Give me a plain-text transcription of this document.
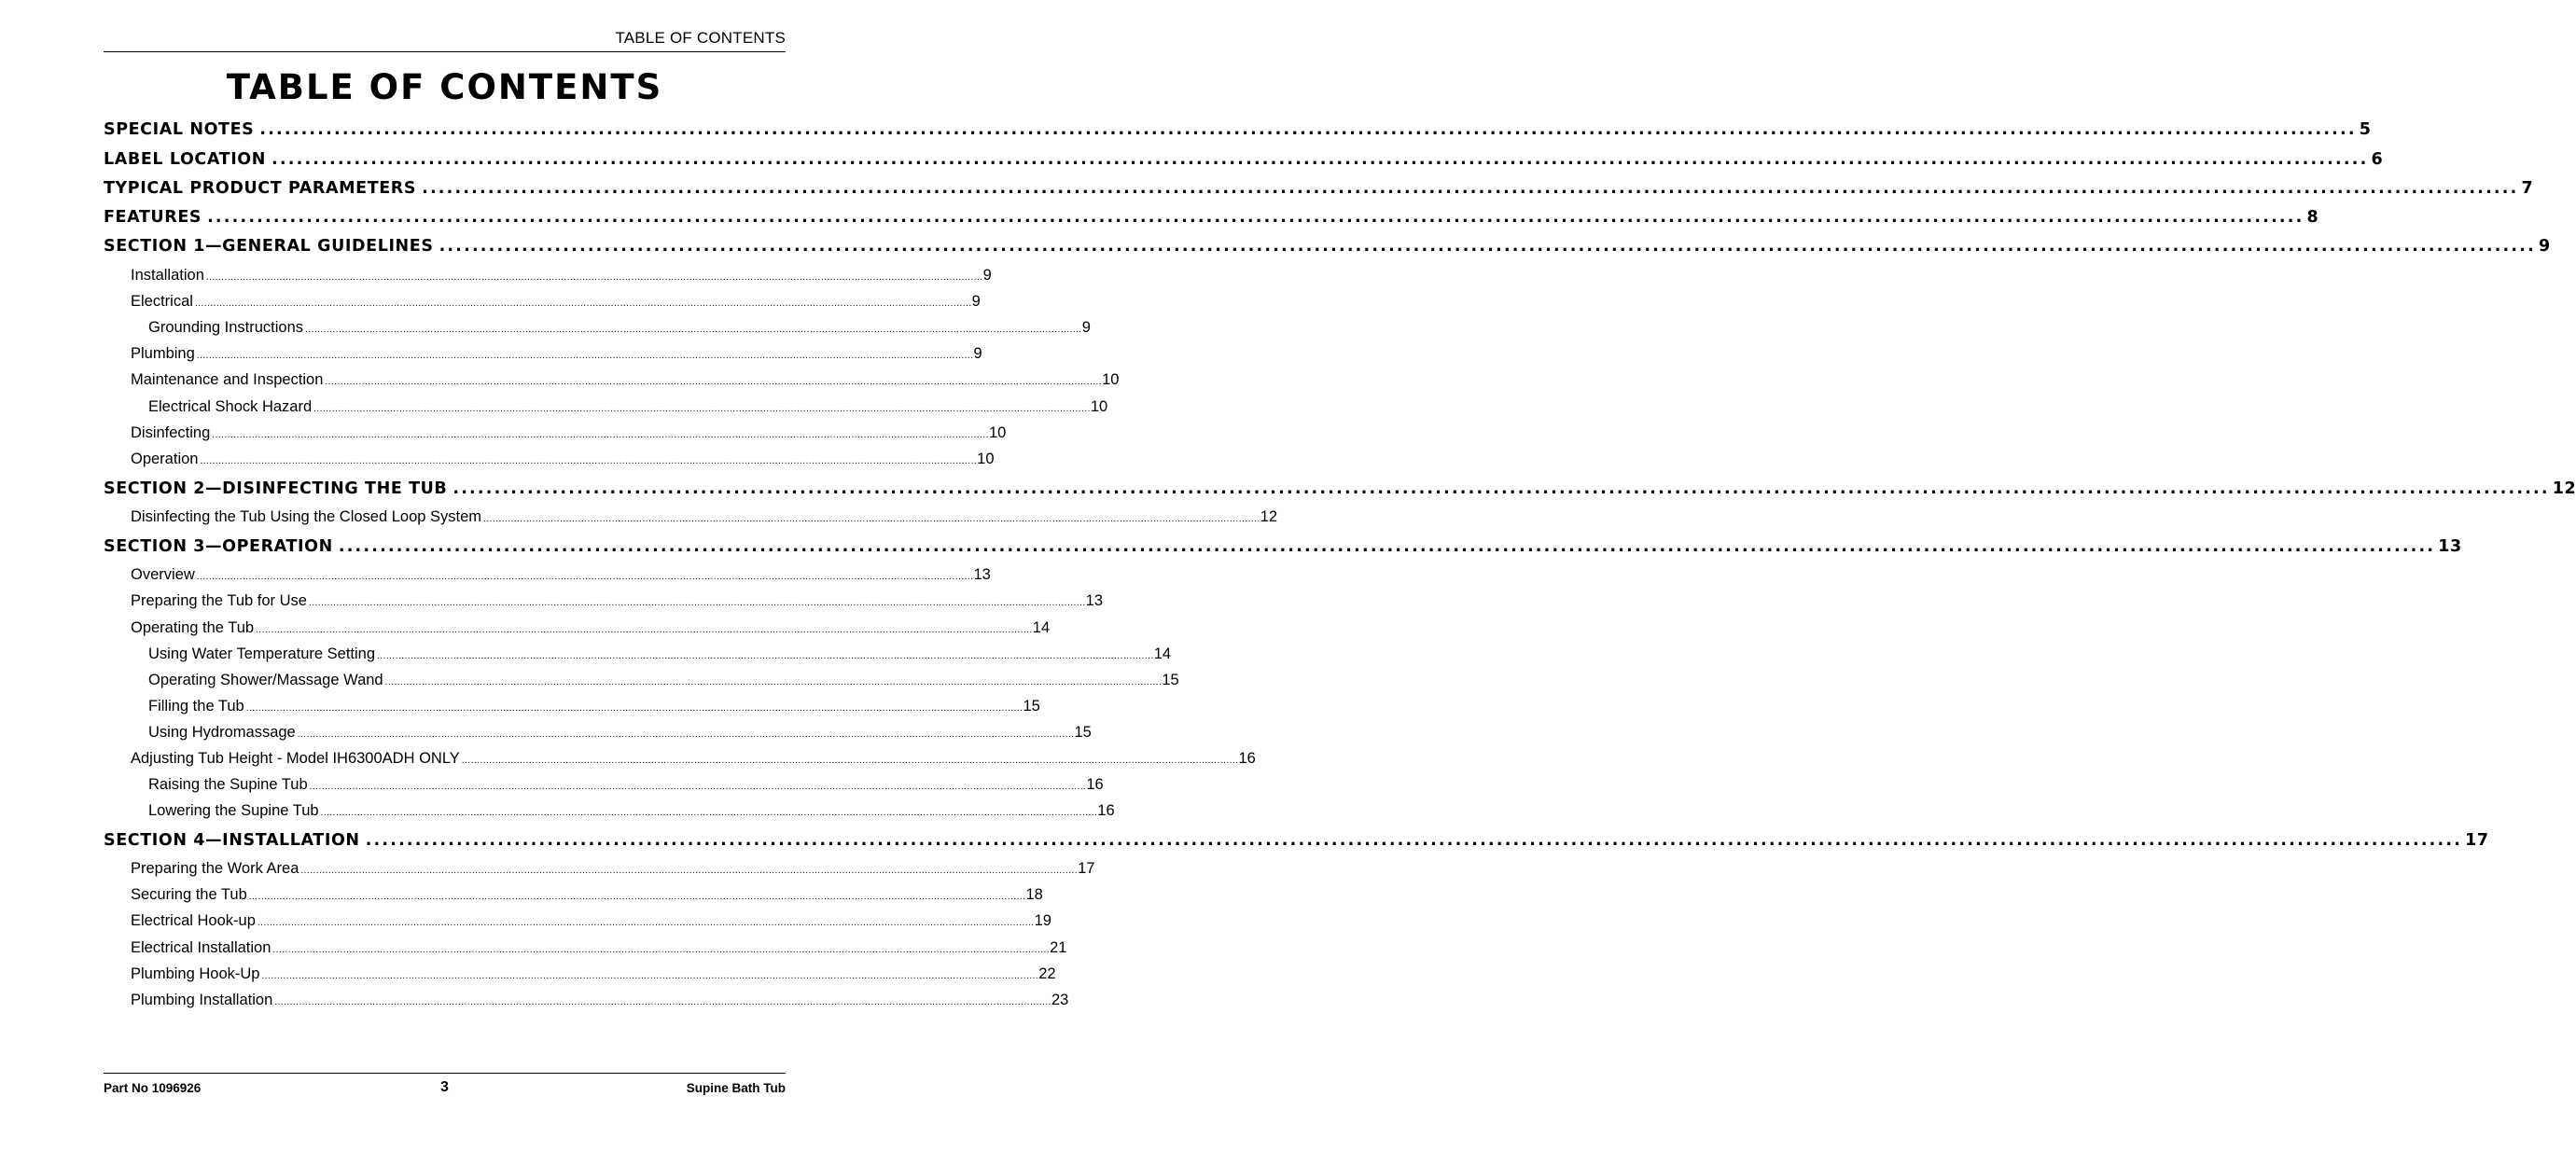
TABLE OF CONTENTS
TABLE OF CONTENTS
SPECIAL NOTES .............................................................................................................................................................................................................................................................. 5
LABEL LOCATION .............................................................................................................................................................................................................................................................. 6
TYPICAL PRODUCT PARAMETERS .............................................................................................................................................................................................................................................................. 7
FEATURES .............................................................................................................................................................................................................................................................. 8
SECTION 1—GENERAL GUIDELINES .............................................................................................................................................................................................................................................................. 9
Installation .............................................................................................................................................................................................................................................................. 9
Electrical .............................................................................................................................................................................................................................................................. 9
Grounding Instructions .............................................................................................................................................................................................................................................................. 9
Plumbing .............................................................................................................................................................................................................................................................. 9
Maintenance and Inspection .............................................................................................................................................................................................................................................................. 10
Electrical Shock Hazard .............................................................................................................................................................................................................................................................. 10
Disinfecting .............................................................................................................................................................................................................................................................. 10
Operation .............................................................................................................................................................................................................................................................. 10
SECTION 2—DISINFECTING THE TUB .............................................................................................................................................................................................................................................................. 12
Disinfecting the Tub Using the Closed Loop System .............................................................................................................................................................................................................................................................. 12
SECTION 3—OPERATION .............................................................................................................................................................................................................................................................. 13
Overview .............................................................................................................................................................................................................................................................. 13
Preparing the Tub for Use .............................................................................................................................................................................................................................................................. 13
Operating the Tub .............................................................................................................................................................................................................................................................. 14
Using Water Temperature Setting .............................................................................................................................................................................................................................................................. 14
Operating Shower/Massage Wand .............................................................................................................................................................................................................................................................. 15
Filling the Tub .............................................................................................................................................................................................................................................................. 15
Using Hydromassage .............................................................................................................................................................................................................................................................. 15
Adjusting Tub Height - Model IH6300ADH ONLY .............................................................................................................................................................................................................................................................. 16
Raising the Supine Tub .............................................................................................................................................................................................................................................................. 16
Lowering the Supine Tub .............................................................................................................................................................................................................................................................. 16
SECTION 4—INSTALLATION .............................................................................................................................................................................................................................................................. 17
Preparing the Work Area .............................................................................................................................................................................................................................................................. 17
Securing the Tub .............................................................................................................................................................................................................................................................. 18
Electrical Hook-up .............................................................................................................................................................................................................................................................. 19
Electrical Installation .............................................................................................................................................................................................................................................................. 21
Plumbing Hook-Up .............................................................................................................................................................................................................................................................. 22
Plumbing Installation .............................................................................................................................................................................................................................................................. 23
Part No 1096926	3	Supine Bath Tub
